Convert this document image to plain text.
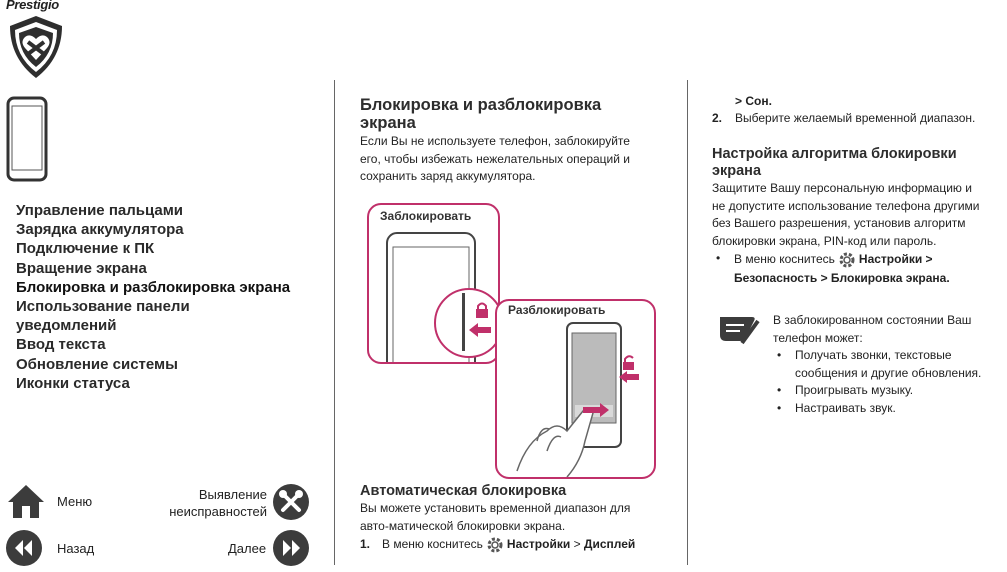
Prestigio
Управление пальцами
Зарядка аккумулятора
Подключение к ПК
Вращение экрана
Блокировка и разблокировка экрана
Использование панели
уведомлений
Ввод текста
Обновление системы
Иконки статуса
Меню	Выявление
неисправностей
Назад	Далее
Блокировка и разблокировка
экрана
Если Вы не используете телефон, заблокируйте
его, чтобы избежать нежелательных операций и
сохранить заряд аккумулятора.
Заблокировать
Разблокировать
Автоматическая блокировка
Вы можете установить временной диапазон для
авто-матической блокировки экрана.
1. В меню коснитесь Настройки
>
Дисплей
> Сон.
2.	Выберите желаемый временной диапазон.
Настройка алгоритма блокировки
экрана
Защитите Вашу персональную информацию и
не допустите использование телефона другими
без Вашего разрешения, установив алгоритм
блокировки экрана, PIN-код или пароль.
• В меню коснитесь Настройки >
Безопасность > Блокировка экрана.
В заблокированном состоянии Ваш
телефон может:
• Получать звонки, текстовые
сообщения и другие обновления.
• Проигрывать музыку.
• Настраивать звук.
